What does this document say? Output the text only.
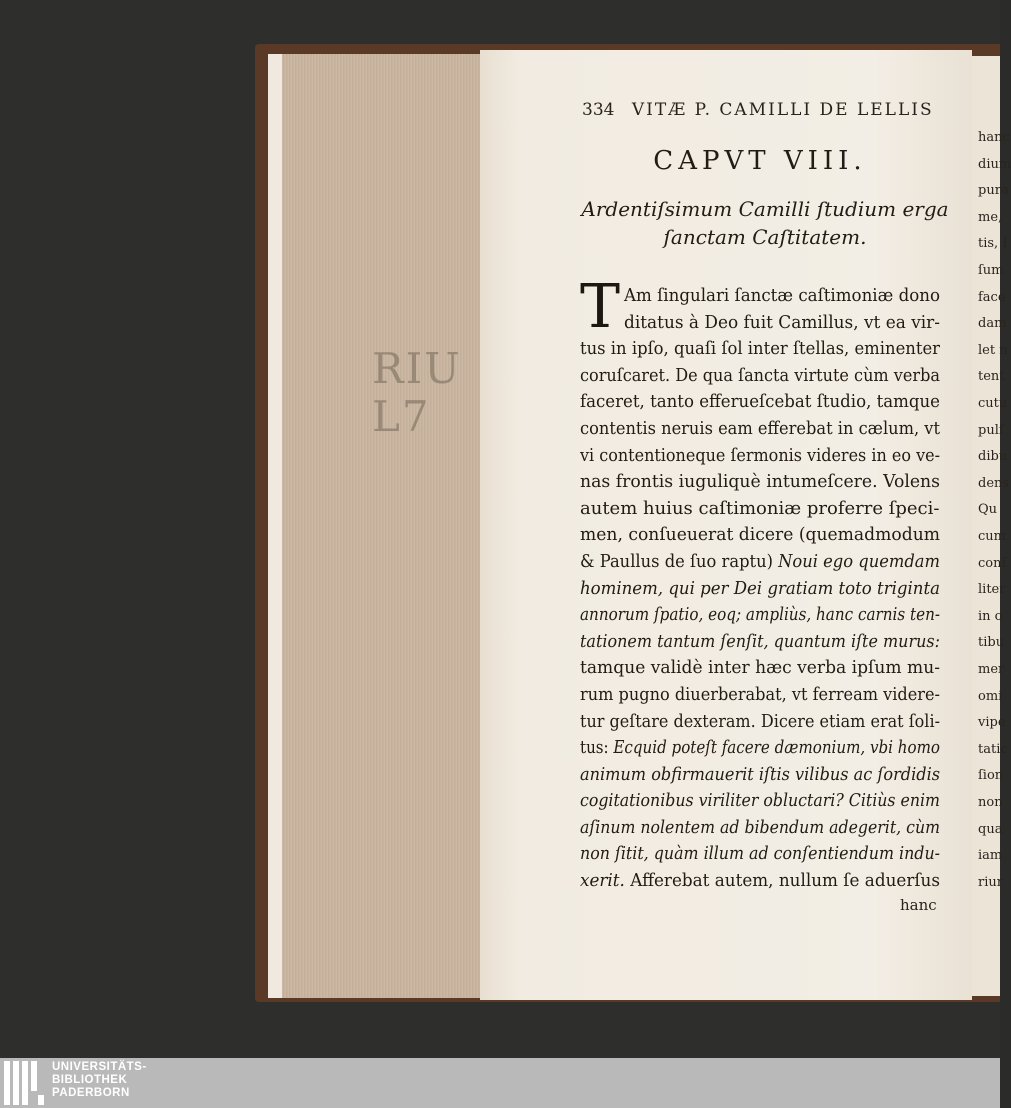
RIU
L7
hanc
dium
pura
me,
tis, I
ſum
face
dam
let n
tent
cutu
pulſ
dibu
dens
Qu
cum
conſ
liter
in o
tibu
mer
omi
vipe
tatic
ſion
non
qua
iam
riur
334 VITÆ P. CAMILLI DE LELLIS
CAPVT VIII.
Ardentiſsimum Camilli ſtudium erga
ſanctam Caſtitatem.
T Am ſingulari ſanctæ caſtimoniæ dono
ditatus à Deo fuit Camillus, vt ea vir-
tus in ipſo, quaſi ſol inter ſtellas, eminenter
coruſcaret. De qua ſancta virtute cùm verba
faceret, tanto efferueſcebat ſtudio, tamque
contentis neruis eam efferebat in cælum, vt
vi contentioneque ſermonis videres in eo ve-
nas frontis iuguliquè intumeſcere. Volens
autem huius caſtimoniæ proferre ſpeci-
men, conſueuerat dicere (quemadmodum
& Paullus de ſuo raptu) Noui ego quemdam
hominem, qui per Dei gratiam toto triginta
annorum ſpatio, eoq; ampliùs, hanc carnis ten-
tationem tantum ſenſit, quantum iſte murus:
tamque validè inter hæc verba ipſum mu-
rum pugno diuerberabat, vt ferream videre-
tur geſtare dexteram. Dicere etiam erat ſoli-
tus: Ecquid poteſt facere dæmonium, vbi homo
animum obfirmauerit iſtis vilibus ac ſordidis
cogitationibus viriliter obluctari? Citiùs enim
aſinum nolentem ad bibendum adegerit, cùm
non ſitit, quàm illum ad conſentiendum indu-
xerit. Afferebat autem, nullum ſe aduerſus
hanc
UNIVERSITÄTS-
BIBLIOTHEK
PADERBORN
